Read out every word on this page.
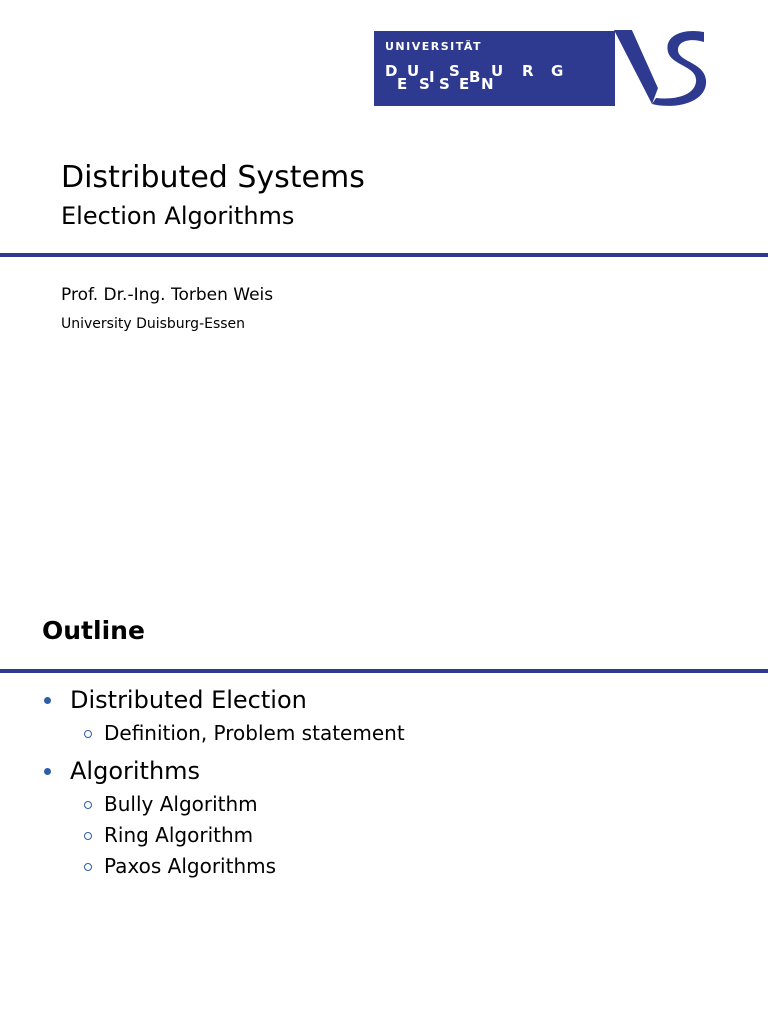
UNIVERSITÄT
D U I S B U R G
E S S E N
Distributed Systems
Election Algorithms
Prof. Dr.-Ing. Torben Weis
University Duisburg-Essen
Outline
Distributed Election
Definition, Problem statement
Algorithms
Bully Algorithm
Ring Algorithm
Paxos Algorithms
